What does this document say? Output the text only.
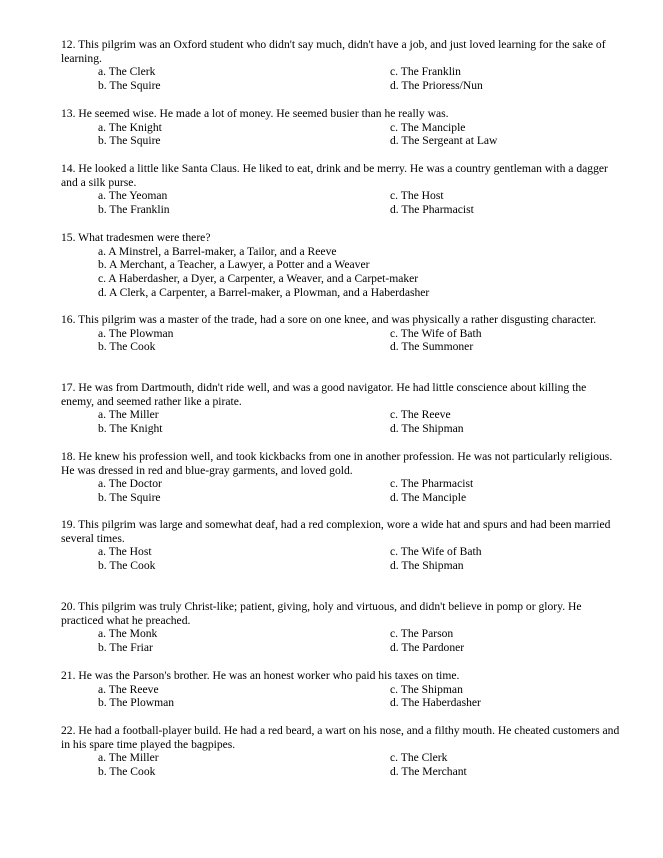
12. This pilgrim was an Oxford student who didn't say much, didn't have a job, and just loved learning for the sake of learning.

a. The Clerk
b. The Squire
c. The Franklin
d. The Prioress/Nun

13. He seemed wise. He made a lot of money. He seemed busier than he really was.

a. The Knight
b. The Squire
c. The Manciple
d. The Sergeant at Law

14. He looked a little like Santa Claus. He liked to eat, drink and be merry. He was a country gentleman with a dagger and a silk purse.

a. The Yeoman
b. The Franklin
c. The Host
d. The Pharmacist

15. What tradesmen were there?

a. A Minstrel, a Barrel-maker, a Tailor, and a Reeve
b. A Merchant, a Teacher, a Lawyer, a Potter and a Weaver
c. A Haberdasher, a Dyer, a Carpenter, a Weaver, and a Carpet-maker
d. A Clerk, a Carpenter, a Barrel-maker, a Plowman, and a Haberdasher

16. This pilgrim was a master of the trade, had a sore on one knee, and was physically a rather disgusting character.

a. The Plowman
b. The Cook
c. The Wife of Bath
d. The Summoner

17. He was from Dartmouth, didn't ride well, and was a good navigator. He had little conscience about killing the enemy, and seemed rather like a pirate.

a. The Miller
b. The Knight
c. The Reeve
d. The Shipman

18. He knew his profession well, and took kickbacks from one in another profession. He was not particularly religious. He was dressed in red and blue-gray garments, and loved gold.

a. The Doctor
b. The Squire
c. The Pharmacist
d. The Manciple

19. This pilgrim was large and somewhat deaf, had a red complexion, wore a wide hat and spurs and had been married several times.

a. The Host
b. The Cook
c. The Wife of Bath
d. The Shipman

20. This pilgrim was truly Christ-like; patient, giving, holy and virtuous, and didn't believe in pomp or glory. He practiced what he preached.

a. The Monk
b. The Friar
c. The Parson
d. The Pardoner

21. He was the Parson's brother. He was an honest worker who paid his taxes on time.

a. The Reeve
b. The Plowman
c. The Shipman
d. The Haberdasher

22. He had a football-player build. He had a red beard, a wart on his nose, and a filthy mouth. He cheated customers and in his spare time played the bagpipes.

a. The Miller
b. The Cook
c. The Clerk
d. The Merchant
